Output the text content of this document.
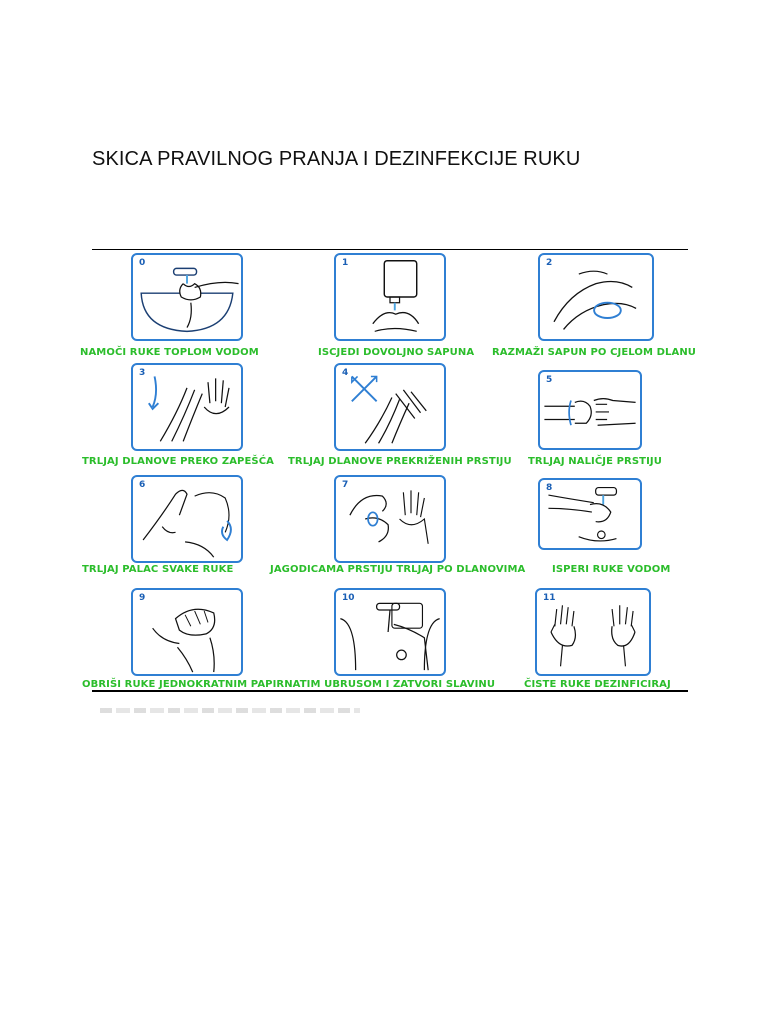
SKICA PRAVILNOG PRANJA I DEZINFEKCIJE RUKU
0
NAMOČI RUKE TOPLOM VODOM
1
ISCJEDI DOVOLJNO SAPUNA
2
RAZMAŽI SAPUN PO CJELOM DLANU
3
TRLJAJ DLANOVE PREKO ZAPEŠĆA
4
TRLJAJ DLANOVE PREKRIŽENIH PRSTIJU
5
TRLJAJ NALIČJE PRSTIJU
6
TRLJAJ PALAC SVAKE RUKE
7
JAGODICAMA PRSTIJU TRLJAJ PO DLANOVIMA
8
ISPERI RUKE VODOM
9
OBRIŠI RUKE JEDNOKRATNIM PAPIRNATIM UBRUSOM I ZATVORI SLAVINU
10	11
ČISTE RUKE DEZINFICIRAJ
